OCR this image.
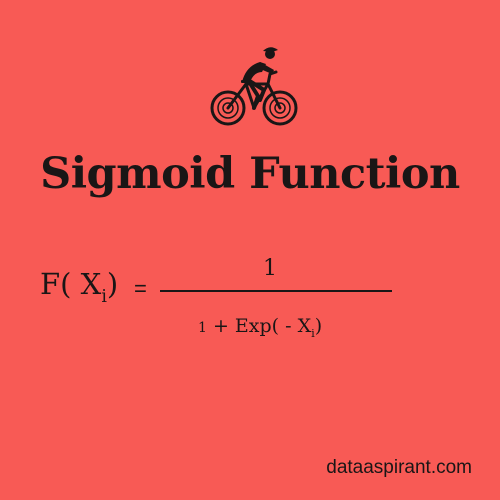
Sigmoid Function
F( $X_i$) =
1
$1 + Exp( - X_i)$
dataaspirant.com
